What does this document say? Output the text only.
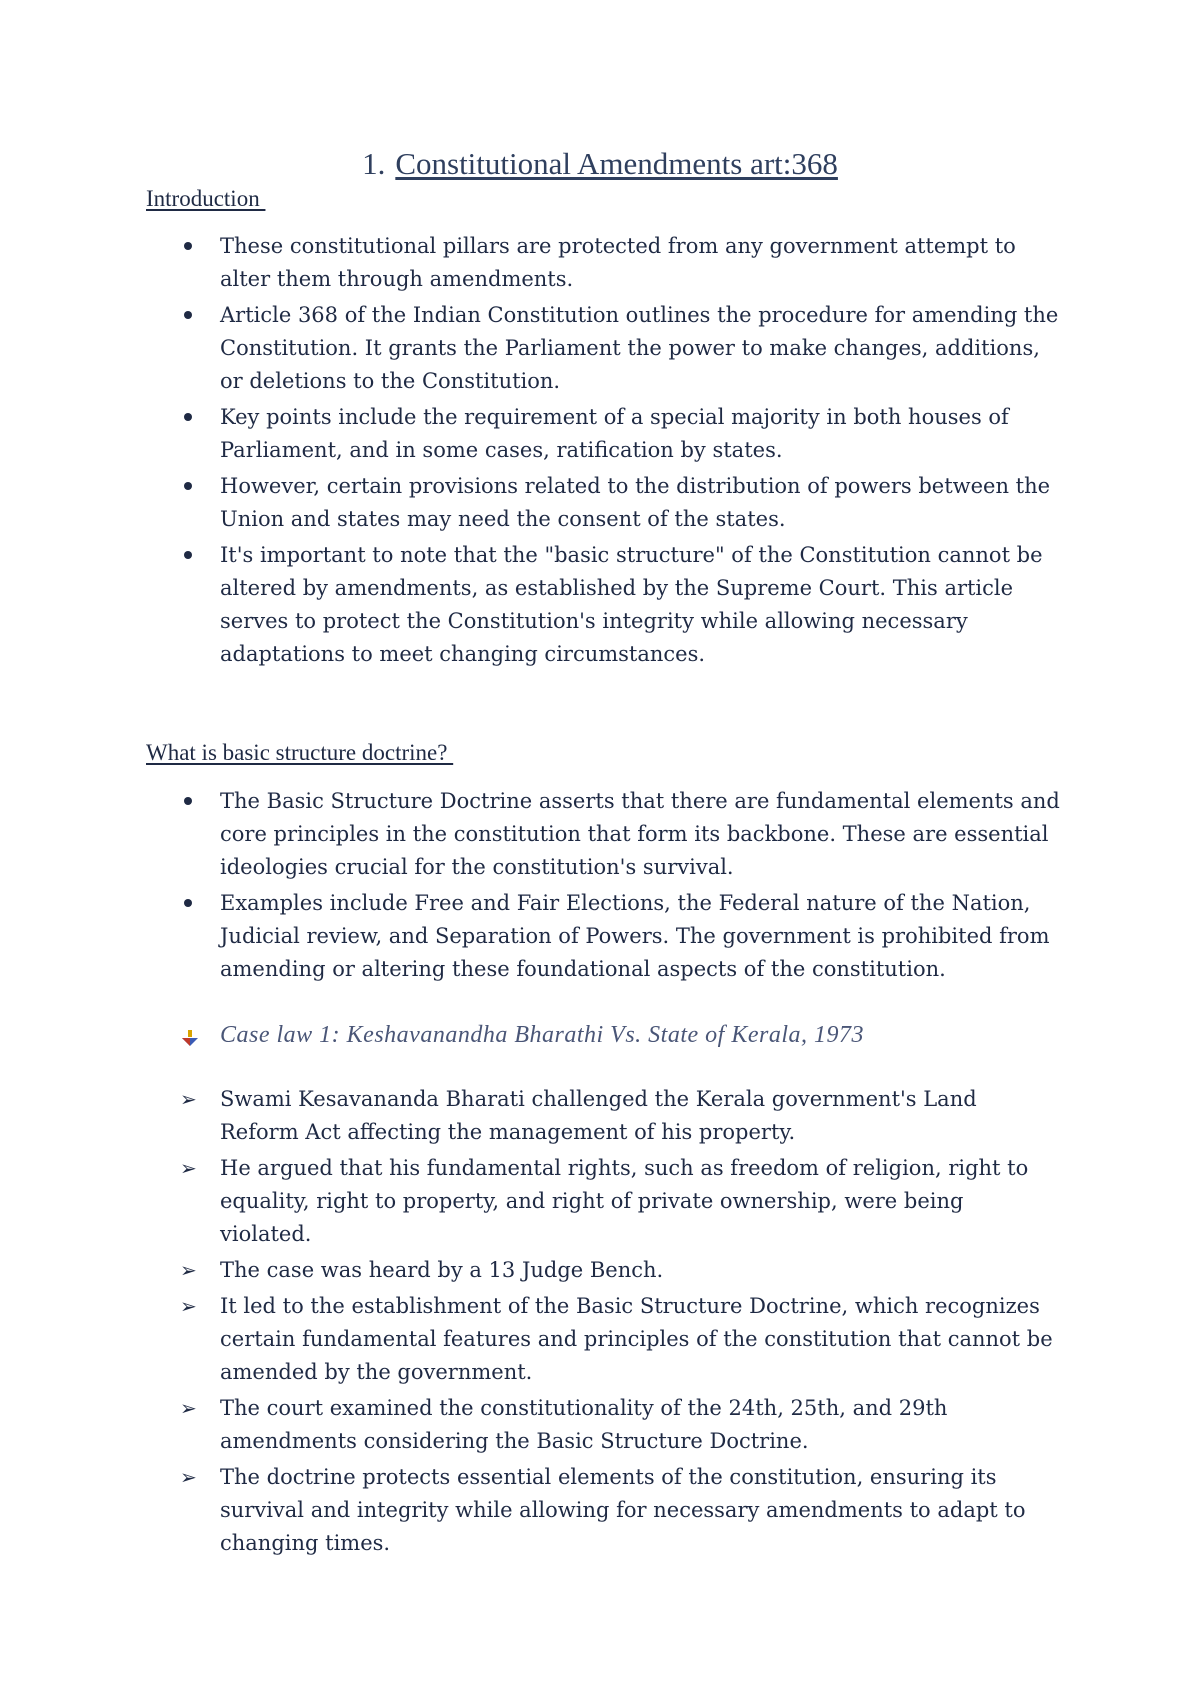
1. Constitutional Amendments art:368
Introduction
These constitutional pillars are protected from any government attempt to alter them through amendments.
Article 368 of the Indian Constitution outlines the procedure for amending the Constitution. It grants the Parliament the power to make changes, additions, or deletions to the Constitution.
Key points include the requirement of a special majority in both houses of Parliament, and in some cases, ratification by states.
However, certain provisions related to the distribution of powers between the Union and states may need the consent of the states.
It's important to note that the "basic structure" of the Constitution cannot be altered by amendments, as established by the Supreme Court. This article serves to protect the Constitution's integrity while allowing necessary adaptations to meet changing circumstances.
What is basic structure doctrine?
The Basic Structure Doctrine asserts that there are fundamental elements and core principles in the constitution that form its backbone. These are essential ideologies crucial for the constitution's survival.
Examples include Free and Fair Elections, the Federal nature of the Nation, Judicial review, and Separation of Powers. The government is prohibited from amending or altering these foundational aspects of the constitution.
Case law 1: Keshavanandha Bharathi Vs. State of Kerala, 1973
➢ Swami Kesavananda Bharati challenged the Kerala government's Land Reform Act affecting the management of his property.
➢ He argued that his fundamental rights, such as freedom of religion, right to equality, right to property, and right of private ownership, were being violated.
➢ The case was heard by a 13 Judge Bench.
➢ It led to the establishment of the Basic Structure Doctrine, which recognizes certain fundamental features and principles of the constitution that cannot be amended by the government.
➢ The court examined the constitutionality of the 24th, 25th, and 29th amendments considering the Basic Structure Doctrine.
➢ The doctrine protects essential elements of the constitution, ensuring its survival and integrity while allowing for necessary amendments to adapt to changing times.
